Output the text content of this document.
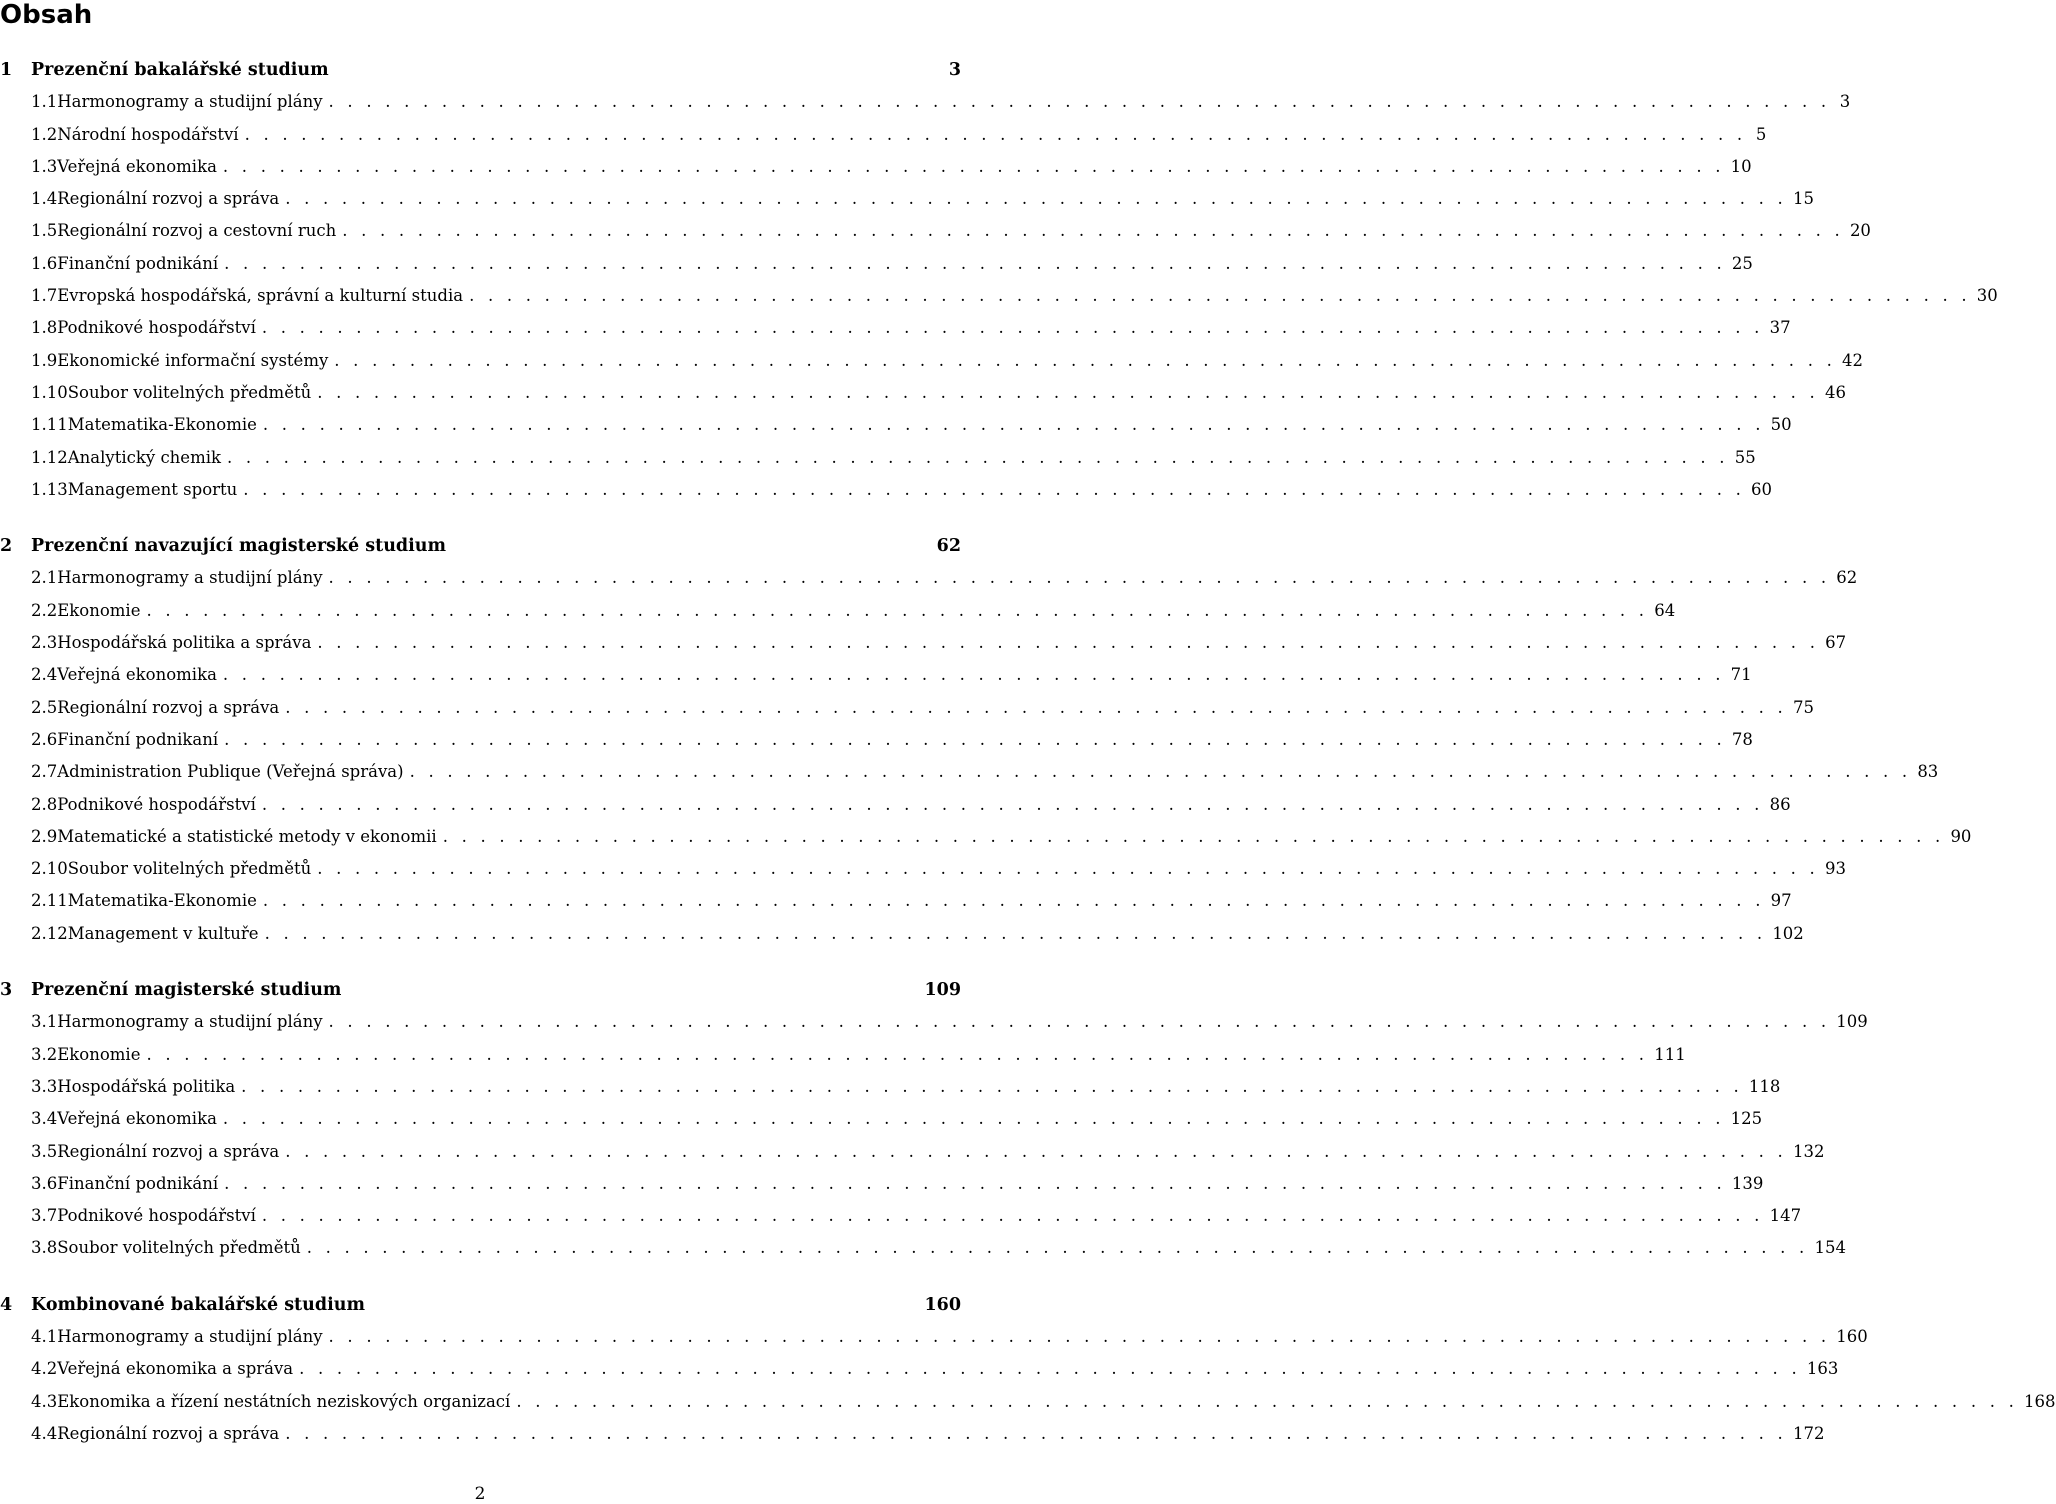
Obsah
1	Prezenční bakalářské studium	3
1.1 Harmonogramy a studijní plány . . . . . . . . . . . . . . . . . . . . . . . . . . . . . . . . . . . . . . . . . . . . . . . . . . . . . . . . . . . . . . . . . . . . . . . . . . . . . . . . 3
1.2 Národní hospodářství . . . . . . . . . . . . . . . . . . . . . . . . . . . . . . . . . . . . . . . . . . . . . . . . . . . . . . . . . . . . . . . . . . . . . . . . . . . . . . . . 5
1.3 Veřejná ekonomika . . . . . . . . . . . . . . . . . . . . . . . . . . . . . . . . . . . . . . . . . . . . . . . . . . . . . . . . . . . . . . . . . . . . . . . . . . . . . . . . 10
1.4 Regionální rozvoj a správa . . . . . . . . . . . . . . . . . . . . . . . . . . . . . . . . . . . . . . . . . . . . . . . . . . . . . . . . . . . . . . . . . . . . . . . . . . . . . . . . 15
1.5 Regionální rozvoj a cestovní ruch . . . . . . . . . . . . . . . . . . . . . . . . . . . . . . . . . . . . . . . . . . . . . . . . . . . . . . . . . . . . . . . . . . . . . . . . . . . . . . . . 20
1.6 Finanční podnikání . . . . . . . . . . . . . . . . . . . . . . . . . . . . . . . . . . . . . . . . . . . . . . . . . . . . . . . . . . . . . . . . . . . . . . . . . . . . . . . . 25
1.7 Evropská hospodářská, správní a kulturní studia . . . . . . . . . . . . . . . . . . . . . . . . . . . . . . . . . . . . . . . . . . . . . . . . . . . . . . . . . . . . . . . . . . . . . . . . . . . . . . . . 30
1.8 Podnikové hospodářství . . . . . . . . . . . . . . . . . . . . . . . . . . . . . . . . . . . . . . . . . . . . . . . . . . . . . . . . . . . . . . . . . . . . . . . . . . . . . . . . 37
1.9 Ekonomické informační systémy . . . . . . . . . . . . . . . . . . . . . . . . . . . . . . . . . . . . . . . . . . . . . . . . . . . . . . . . . . . . . . . . . . . . . . . . . . . . . . . . 42
1.10 Soubor volitelných předmětů . . . . . . . . . . . . . . . . . . . . . . . . . . . . . . . . . . . . . . . . . . . . . . . . . . . . . . . . . . . . . . . . . . . . . . . . . . . . . . . . 46
1.11 Matematika-Ekonomie . . . . . . . . . . . . . . . . . . . . . . . . . . . . . . . . . . . . . . . . . . . . . . . . . . . . . . . . . . . . . . . . . . . . . . . . . . . . . . . . 50
1.12 Analytický chemik . . . . . . . . . . . . . . . . . . . . . . . . . . . . . . . . . . . . . . . . . . . . . . . . . . . . . . . . . . . . . . . . . . . . . . . . . . . . . . . . 55
1.13 Management sportu . . . . . . . . . . . . . . . . . . . . . . . . . . . . . . . . . . . . . . . . . . . . . . . . . . . . . . . . . . . . . . . . . . . . . . . . . . . . . . . . 60
2	Prezenční navazující magisterské studium	62
2.1 Harmonogramy a studijní plány . . . . . . . . . . . . . . . . . . . . . . . . . . . . . . . . . . . . . . . . . . . . . . . . . . . . . . . . . . . . . . . . . . . . . . . . . . . . . . . . 62
2.2 Ekonomie . . . . . . . . . . . . . . . . . . . . . . . . . . . . . . . . . . . . . . . . . . . . . . . . . . . . . . . . . . . . . . . . . . . . . . . . . . . . . . . . 64
2.3 Hospodářská politika a správa . . . . . . . . . . . . . . . . . . . . . . . . . . . . . . . . . . . . . . . . . . . . . . . . . . . . . . . . . . . . . . . . . . . . . . . . . . . . . . . . 67
2.4 Veřejná ekonomika . . . . . . . . . . . . . . . . . . . . . . . . . . . . . . . . . . . . . . . . . . . . . . . . . . . . . . . . . . . . . . . . . . . . . . . . . . . . . . . . 71
2.5 Regionální rozvoj a správa . . . . . . . . . . . . . . . . . . . . . . . . . . . . . . . . . . . . . . . . . . . . . . . . . . . . . . . . . . . . . . . . . . . . . . . . . . . . . . . . 75
2.6 Finanční podnikaní . . . . . . . . . . . . . . . . . . . . . . . . . . . . . . . . . . . . . . . . . . . . . . . . . . . . . . . . . . . . . . . . . . . . . . . . . . . . . . . . 78
2.7 Administration Publique (Veřejná správa) . . . . . . . . . . . . . . . . . . . . . . . . . . . . . . . . . . . . . . . . . . . . . . . . . . . . . . . . . . . . . . . . . . . . . . . . . . . . . . . . 83
2.8 Podnikové hospodářství . . . . . . . . . . . . . . . . . . . . . . . . . . . . . . . . . . . . . . . . . . . . . . . . . . . . . . . . . . . . . . . . . . . . . . . . . . . . . . . . 86
2.9 Matematické a statistické metody v ekonomii . . . . . . . . . . . . . . . . . . . . . . . . . . . . . . . . . . . . . . . . . . . . . . . . . . . . . . . . . . . . . . . . . . . . . . . . . . . . . . . . 90
2.10 Soubor volitelných předmětů . . . . . . . . . . . . . . . . . . . . . . . . . . . . . . . . . . . . . . . . . . . . . . . . . . . . . . . . . . . . . . . . . . . . . . . . . . . . . . . . 93
2.11 Matematika-Ekonomie . . . . . . . . . . . . . . . . . . . . . . . . . . . . . . . . . . . . . . . . . . . . . . . . . . . . . . . . . . . . . . . . . . . . . . . . . . . . . . . . 97
2.12 Management v kultuře . . . . . . . . . . . . . . . . . . . . . . . . . . . . . . . . . . . . . . . . . . . . . . . . . . . . . . . . . . . . . . . . . . . . . . . . . . . . . . . . 102
3	Prezenční magisterské studium	109
3.1 Harmonogramy a studijní plány . . . . . . . . . . . . . . . . . . . . . . . . . . . . . . . . . . . . . . . . . . . . . . . . . . . . . . . . . . . . . . . . . . . . . . . . . . . . . . . . 109
3.2 Ekonomie . . . . . . . . . . . . . . . . . . . . . . . . . . . . . . . . . . . . . . . . . . . . . . . . . . . . . . . . . . . . . . . . . . . . . . . . . . . . . . . . 111
3.3 Hospodářská politika . . . . . . . . . . . . . . . . . . . . . . . . . . . . . . . . . . . . . . . . . . . . . . . . . . . . . . . . . . . . . . . . . . . . . . . . . . . . . . . . 118
3.4 Veřejná ekonomika . . . . . . . . . . . . . . . . . . . . . . . . . . . . . . . . . . . . . . . . . . . . . . . . . . . . . . . . . . . . . . . . . . . . . . . . . . . . . . . . 125
3.5 Regionální rozvoj a správa . . . . . . . . . . . . . . . . . . . . . . . . . . . . . . . . . . . . . . . . . . . . . . . . . . . . . . . . . . . . . . . . . . . . . . . . . . . . . . . . 132
3.6 Finanční podnikání . . . . . . . . . . . . . . . . . . . . . . . . . . . . . . . . . . . . . . . . . . . . . . . . . . . . . . . . . . . . . . . . . . . . . . . . . . . . . . . . 139
3.7 Podnikové hospodářství . . . . . . . . . . . . . . . . . . . . . . . . . . . . . . . . . . . . . . . . . . . . . . . . . . . . . . . . . . . . . . . . . . . . . . . . . . . . . . . . 147
3.8 Soubor volitelných předmětů . . . . . . . . . . . . . . . . . . . . . . . . . . . . . . . . . . . . . . . . . . . . . . . . . . . . . . . . . . . . . . . . . . . . . . . . . . . . . . . . 154
4	Kombinované bakalářské studium	160
4.1 Harmonogramy a studijní plány . . . . . . . . . . . . . . . . . . . . . . . . . . . . . . . . . . . . . . . . . . . . . . . . . . . . . . . . . . . . . . . . . . . . . . . . . . . . . . . . 160
4.2 Veřejná ekonomika a správa . . . . . . . . . . . . . . . . . . . . . . . . . . . . . . . . . . . . . . . . . . . . . . . . . . . . . . . . . . . . . . . . . . . . . . . . . . . . . . . . 163
4.3 Ekonomika a řízení nestátních neziskových organizací . . . . . . . . . . . . . . . . . . . . . . . . . . . . . . . . . . . . . . . . . . . . . . . . . . . . . . . . . . . . . . . . . . . . . . . . . . . . . . . . 168
4.4 Regionální rozvoj a správa . . . . . . . . . . . . . . . . . . . . . . . . . . . . . . . . . . . . . . . . . . . . . . . . . . . . . . . . . . . . . . . . . . . . . . . . . . . . . . . . 172
2
